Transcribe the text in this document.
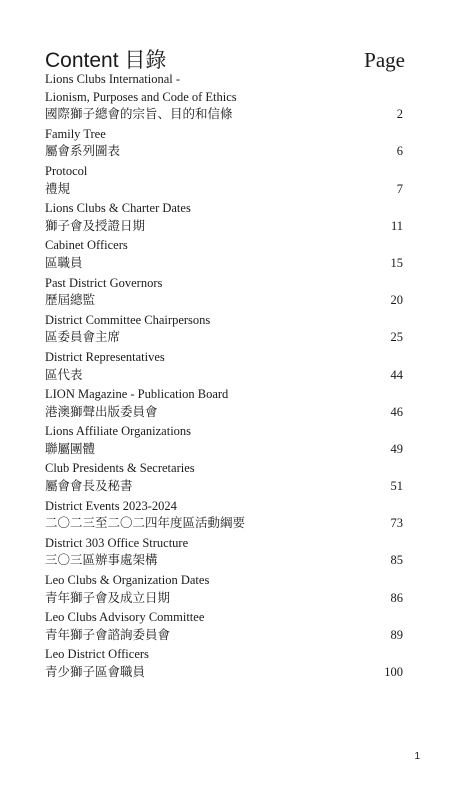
Content 目錄	Page
Lions Clubs International -
Lionism, Purposes and Code of Ethics
國際獅子總會的宗旨、目的和信條	2
Family Tree
屬會系列圖表	6
Protocol
禮規	7
Lions Clubs & Charter Dates
獅子會及授證日期	11
Cabinet Officers
區職員	15
Past District Governors
歷屆總監	20
District Committee Chairpersons
區委員會主席	25
District Representatives
區代表	44
LION Magazine - Publication Board
港澳獅聲出版委員會	46
Lions Affiliate Organizations
聯屬團體	49
Club Presidents & Secretaries
屬會會長及秘書	51
District Events 2023-2024
二〇二三至二〇二四年度區活動綱要	73
District 303 Office Structure
三〇三區辦事處架構	85
Leo Clubs & Organization Dates
青年獅子會及成立日期	86
Leo Clubs Advisory Committee
青年獅子會諮詢委員會	89
Leo District Officers
青少獅子區會職員	100
1
